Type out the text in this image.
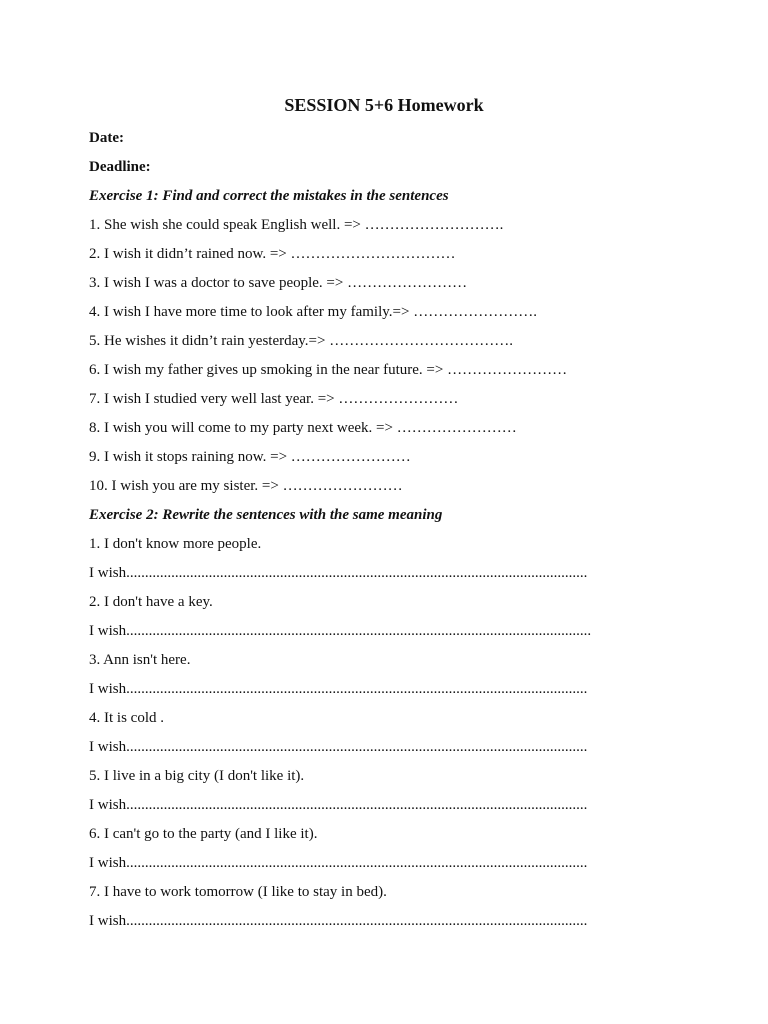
SESSION 5+6 Homework
Date:
Deadline:
Exercise 1: Find and correct the mistakes in the sentences
1. She wish she could speak English well. => ……………………….
2. I wish it didn’t rained now. => ……………………………
3. I wish I was a doctor to save people. => ……………………
4. I wish I have more time to look after my family.=> …………………….
5. He wishes it didn’t rain yesterday.=> ……………………………….
6. I wish my father gives up smoking in the near future. => ……………………
7. I wish I studied very well last year. => ……………………
8. I wish you will come to my party next week. => ……………………
9. I wish it stops raining now. => ……………………
10. I wish you are my sister. => ……………………
Exercise 2: Rewrite the sentences with the same meaning
1. I don't know more people.
I wish...........................................................................................................................
2. I don't have a key.
I wish............................................................................................................................
3. Ann isn't here.
I wish...........................................................................................................................
4. It is cold .
I wish...........................................................................................................................
5. I live in a big city (I don't like it).
I wish...........................................................................................................................
6. I can't go to the party (and I like it).
I wish...........................................................................................................................
7. I have to work tomorrow (I like to stay in bed).
I wish...........................................................................................................................
